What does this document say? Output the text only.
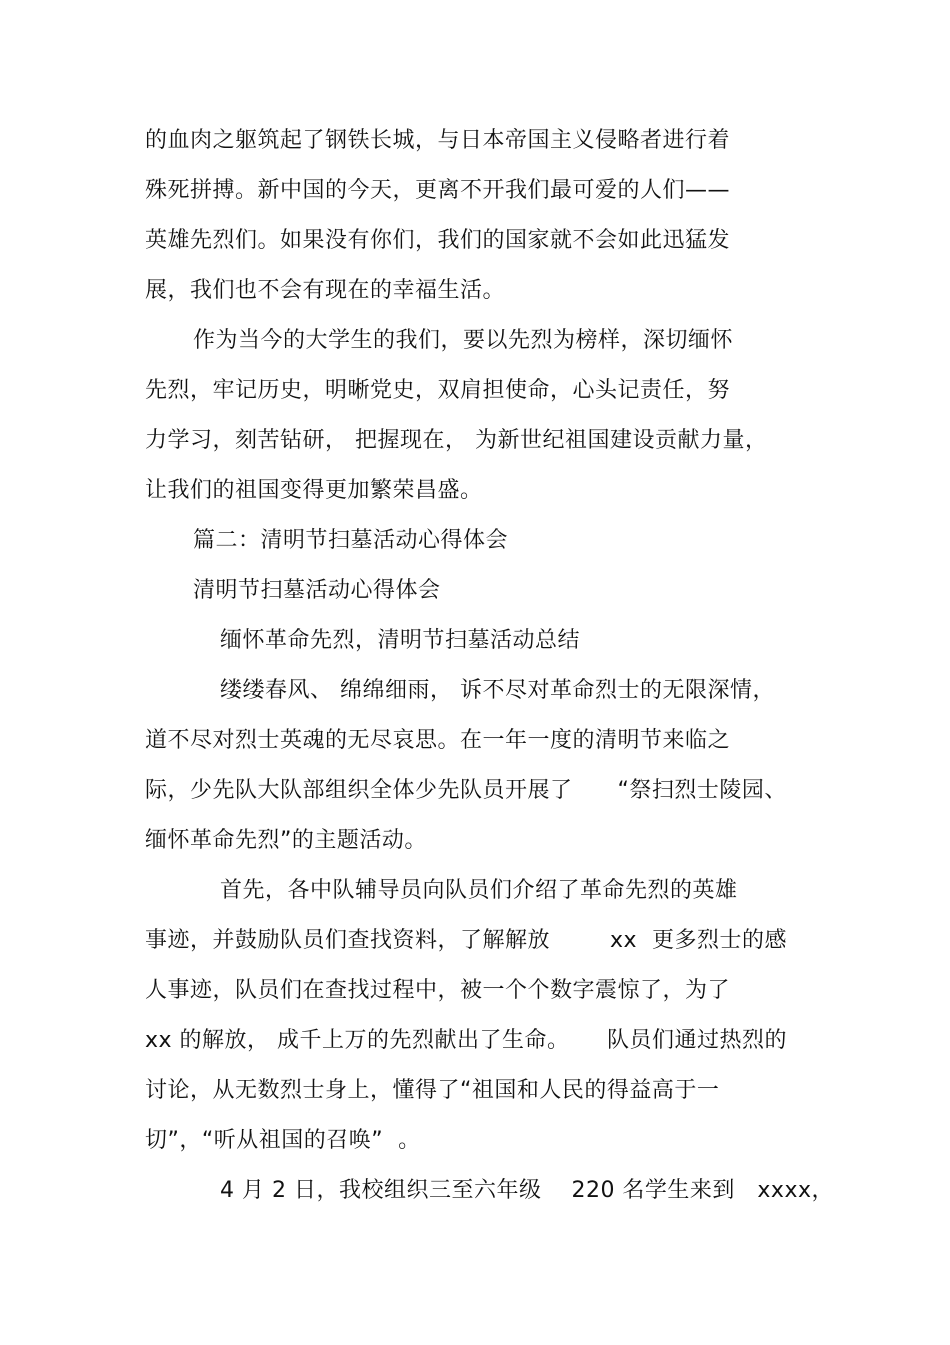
的血肉之躯筑起了钢铁长城，与日本帝国主义侵略者进行着
殊死拼搏。新中国的今天，更离不开我们最可爱的人们——
英雄先烈们。如果没有你们，我们的国家就不会如此迅猛发
展，我们也不会有现在的幸福生活。
作为当今的大学生的我们，要以先烈为榜样，深切缅怀
先烈，牢记历史，明晰党史，双肩担使命，心头记责任，努
力学习，刻苦钻研， 把握现在， 为新世纪祖国建设贡献力量，
让我们的祖国变得更加繁荣昌盛。
篇二：清明节扫墓活动心得体会
清明节扫墓活动心得体会
缅怀革命先烈，清明节扫墓活动总结
缕缕春风、 绵绵细雨， 诉不尽对革命烈士的无限深情，
道不尽对烈士英魂的无尽哀思。在一年一度的清明节来临之
际，少先队大队部组织全体少先队员开展了      “祭扫烈士陵园、
缅怀革命先烈”的主题活动。
首先，各中队辅导员向队员们介绍了革命先烈的英雄
事迹，并鼓励队员们查找资料，了解解放        xx  更多烈士的感
人事迹，队员们在查找过程中，被一个个数字震惊了，为了
xx 的解放， 成千上万的先烈献出了生命。     队员们通过热烈的
讨论，从无数烈士身上，懂得了“祖国和人民的得益高于一
切”，“听从祖国的召唤”  。
4 月 2 日，我校组织三至六年级    220 名学生来到   xxxx，
